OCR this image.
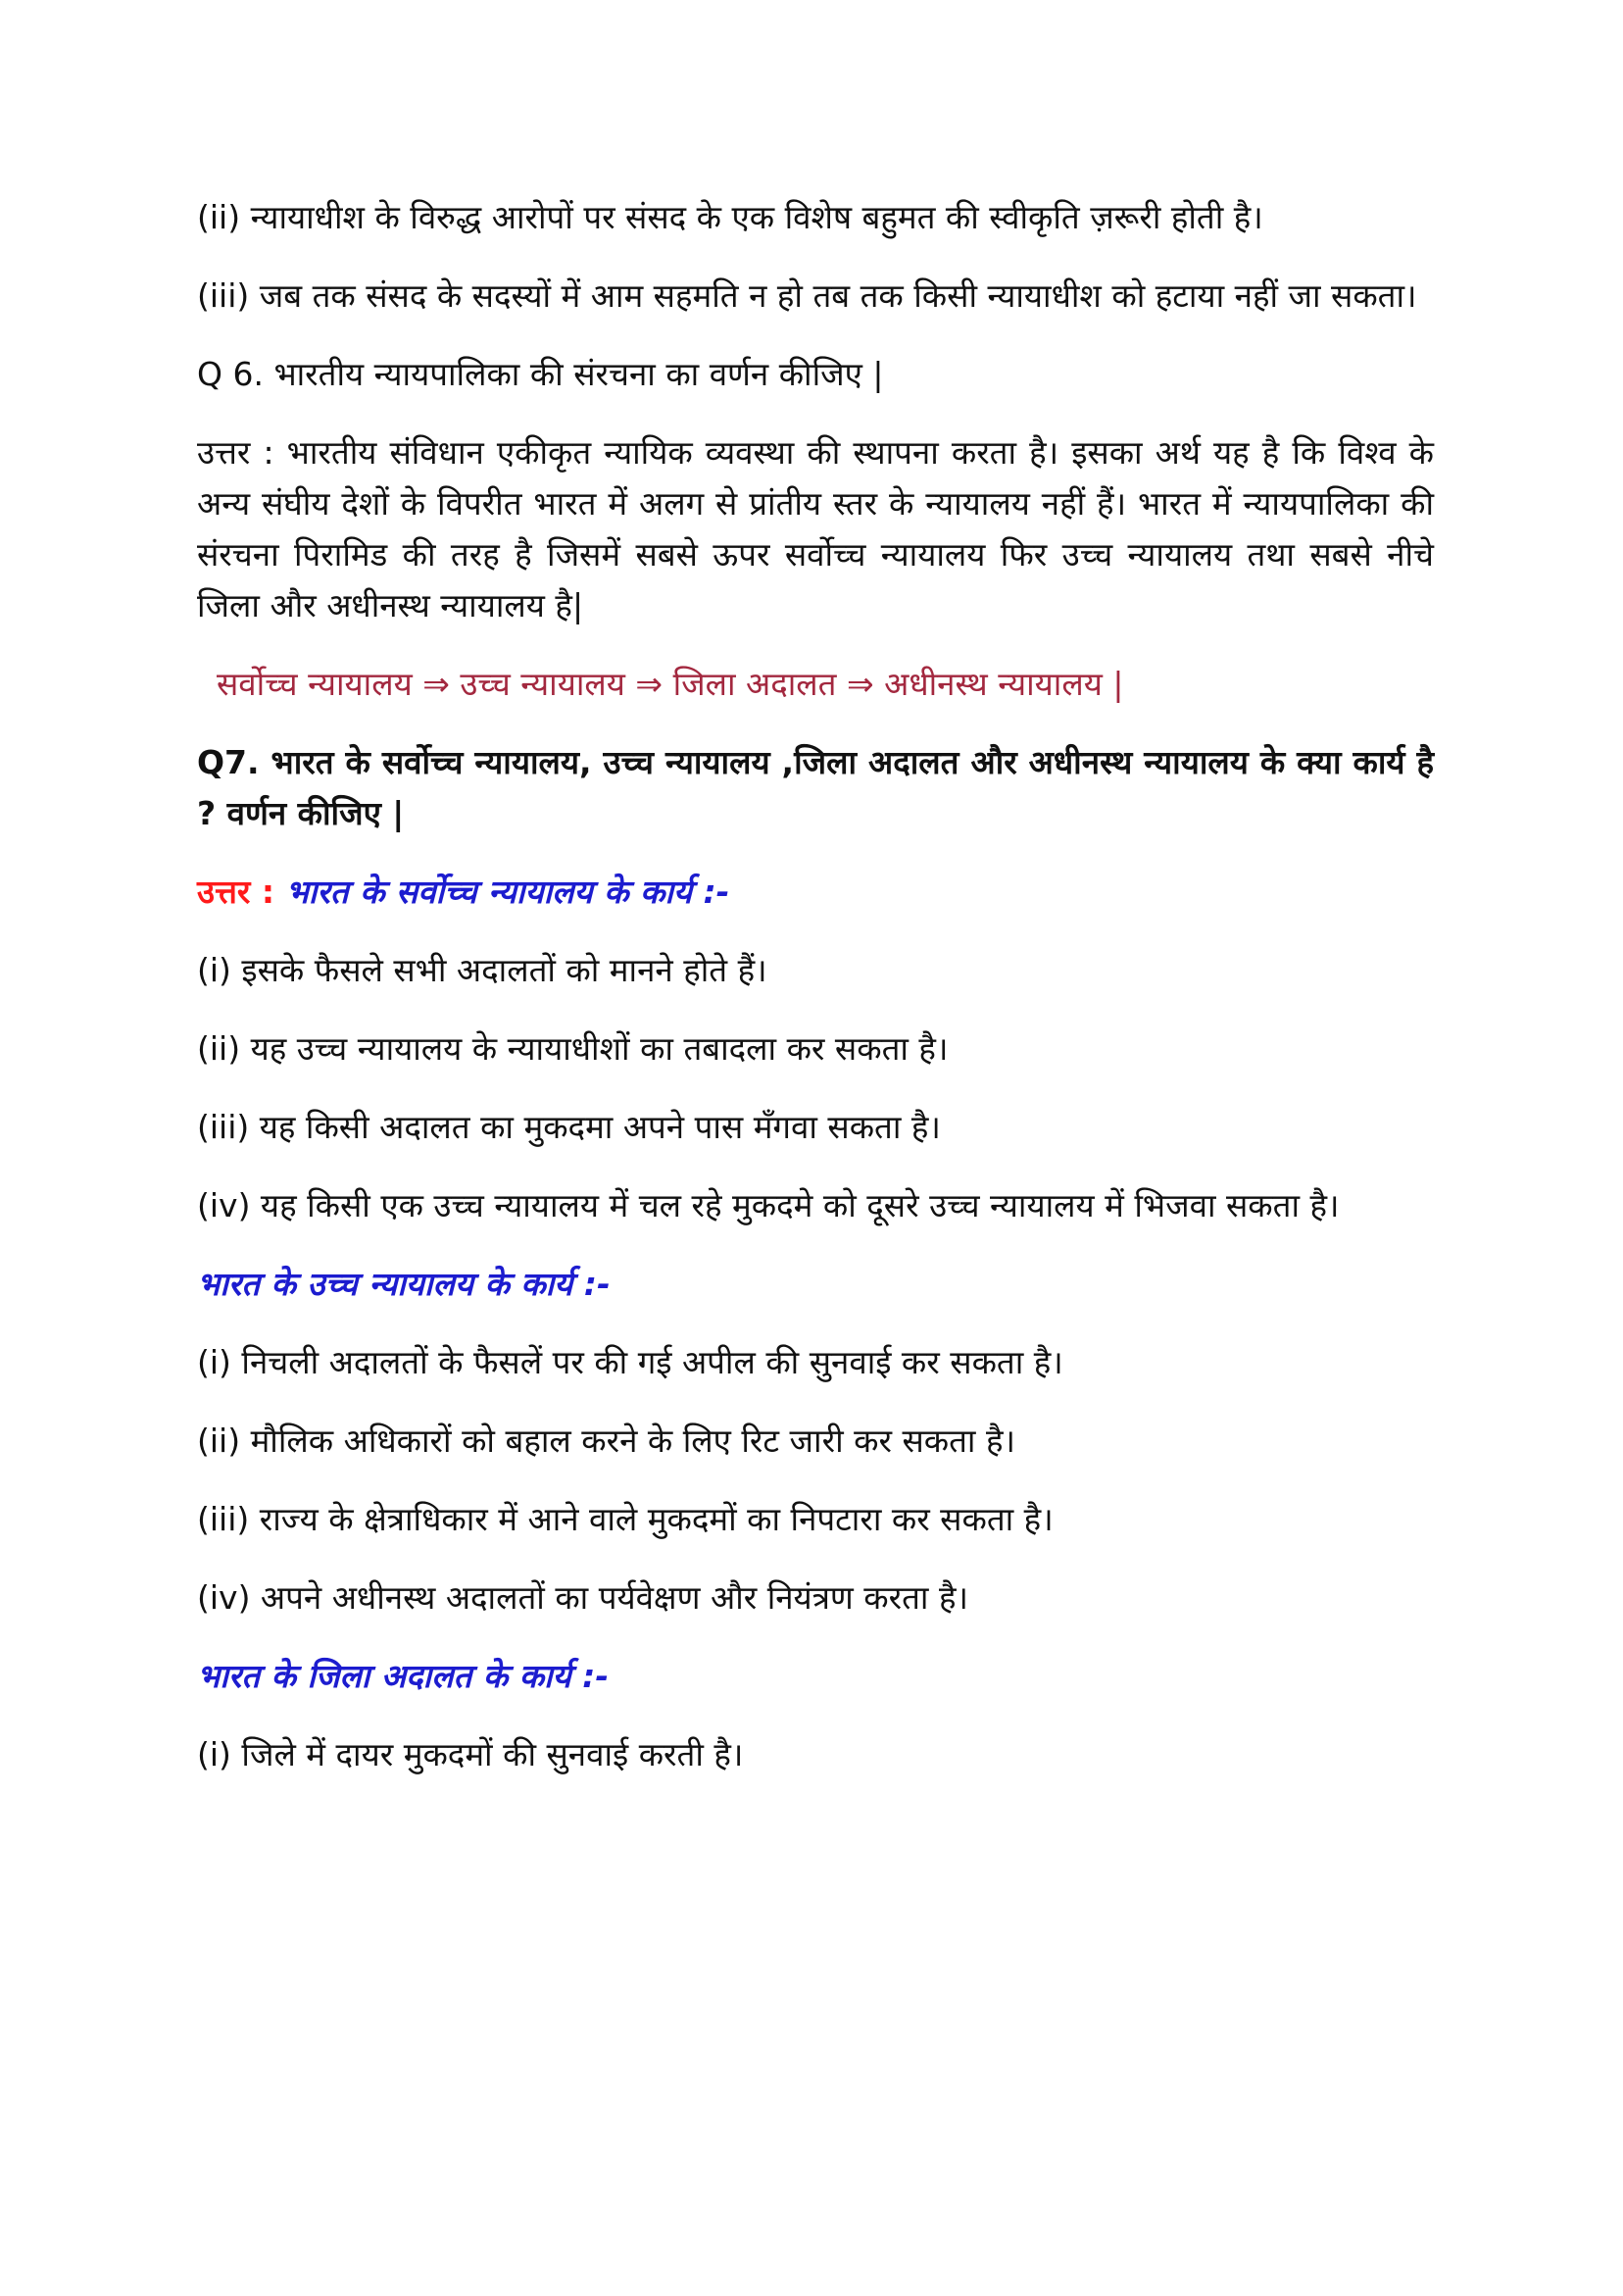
(ii) न्यायाधीश के विरुद्ध आरोपों पर संसद के एक विशेष बहुमत की स्वीकृति ज़रूरी होती है।

(iii) जब तक संसद के सदस्यों में आम सहमति न हो तब तक किसी न्यायाधीश को हटाया नहीं जा सकता।

Q 6. भारतीय न्यायपालिका की संरचना का वर्णन कीजिए |

उत्तर : भारतीय संविधान एकीकृत न्यायिक व्यवस्था की स्थापना करता है। इसका अर्थ यह है कि विश्व के अन्य संघीय देशों के विपरीत भारत में अलग से प्रांतीय स्तर के न्यायालय नहीं हैं। भारत में न्यायपालिका की संरचना पिरामिड की तरह है जिसमें सबसे ऊपर सर्वोच्च न्यायालय फिर उच्च न्यायालय तथा सबसे नीचे जिला और अधीनस्थ न्यायालय है|

सर्वोच्च न्यायालय ⇒ उच्च न्यायालय ⇒ जिला अदालत ⇒ अधीनस्थ न्यायालय |

Q7. भारत के सर्वोच्च न्यायालय, उच्च न्यायालय ,जिला अदालत और अधीनस्थ न्यायालय के क्या कार्य है ? वर्णन कीजिए |

उत्तर : भारत के सर्वोच्च न्यायालय के कार्य :-

(i) इसके फैसले सभी अदालतों को मानने होते हैं।

(ii) यह उच्च न्यायालय के न्यायाधीशों का तबादला कर सकता है।

(iii) यह किसी अदालत का मुकदमा अपने पास मँगवा सकता है।

(iv) यह किसी एक उच्च न्यायालय में चल रहे मुकदमे को दूसरे उच्च न्यायालय में भिजवा सकता है।

भारत के उच्च न्यायालय के कार्य :-

(i) निचली अदालतों के फैसलें पर की गई अपील की सुनवाई कर सकता है।

(ii) मौलिक अधिकारों को बहाल करने के लिए रिट जारी कर सकता है।

(iii) राज्य के क्षेत्राधिकार में आने वाले मुकदमों का निपटारा कर सकता है।

(iv) अपने अधीनस्थ अदालतों का पर्यवेक्षण और नियंत्रण करता है।

भारत के जिला अदालत के कार्य :-

(i) जिले में दायर मुकदमों की सुनवाई करती है।
